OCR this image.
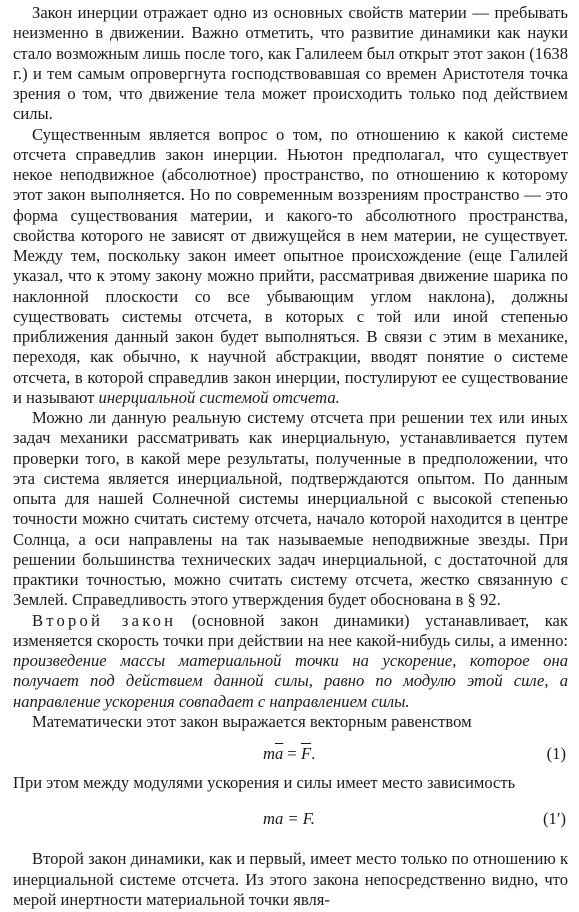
Закон инерции отражает одно из основных свойств материи — пребывать неизменно в движении. Важно отметить, что развитие динамики как науки стало возможным лишь после того, как Галилеем был открыт этот закон (1638 г.) и тем самым опровергнута господствовавшая со времен Аристотеля точка зрения о том, что движение тела может происходить только под действием силы.

Существенным является вопрос о том, по отношению к какой системе отсчета справедлив закон инерции. Ньютон предполагал, что существует некое неподвижное (абсолютное) пространство, по отношению к которому этот закон выполняется. Но по современным воззрениям пространство — это форма существования материи, и какого-то абсолютного пространства, свойства которого не зависят от движущейся в нем материи, не существует. Между тем, поскольку закон имеет опытное происхождение (еще Галилей указал, что к этому закону можно прийти, рассматривая движение шарика по наклонной плоскости со все убывающим углом наклона), должны существовать системы отсчета, в которых с той или иной степенью приближения данный закон будет выполняться. В связи с этим в механике, переходя, как обычно, к научной абстракции, вводят понятие о системе отсчета, в которой справедлив закон инерции, постулируют ее существование и называют инерциальной системой отсчета.

Можно ли данную реальную систему отсчета при решении тех или иных задач механики рассматривать как инерциальную, устанавливается путем проверки того, в какой мере результаты, полученные в предположении, что эта система является инерциальной, подтверждаются опытом. По данным опыта для нашей Солнечной системы инерциальной с высокой степенью точности можно считать систему отсчета, начало которой находится в центре Солнца, а оси направлены на так называемые неподвижные звезды. При решении большинства технических задач инерциальной, с достаточной для практики точностью, можно считать систему отсчета, жестко связанную с Землей. Справедливость этого утверждения будет обоснована в § 92.

Второй закон (основной закон динамики) устанавливает, как изменяется скорость точки при действии на нее какой-нибудь силы, а именно: произведение массы материальной точки на ускорение, которое она получает под действием данной силы, равно по модулю этой силе, а направление ускорения совпадает с направлением силы.

Математически этот закон выражается векторным равенством

$m\overline{a} = \overline{F}$.	(1)

При этом между модулями ускорения и силы имеет место зависимость

ma = F.	(1′)

Второй закон динамики, как и первый, имеет место только по отношению к инерциальной системе отсчета. Из этого закона непосредственно видно, что мерой инертности материальной точки явля-
